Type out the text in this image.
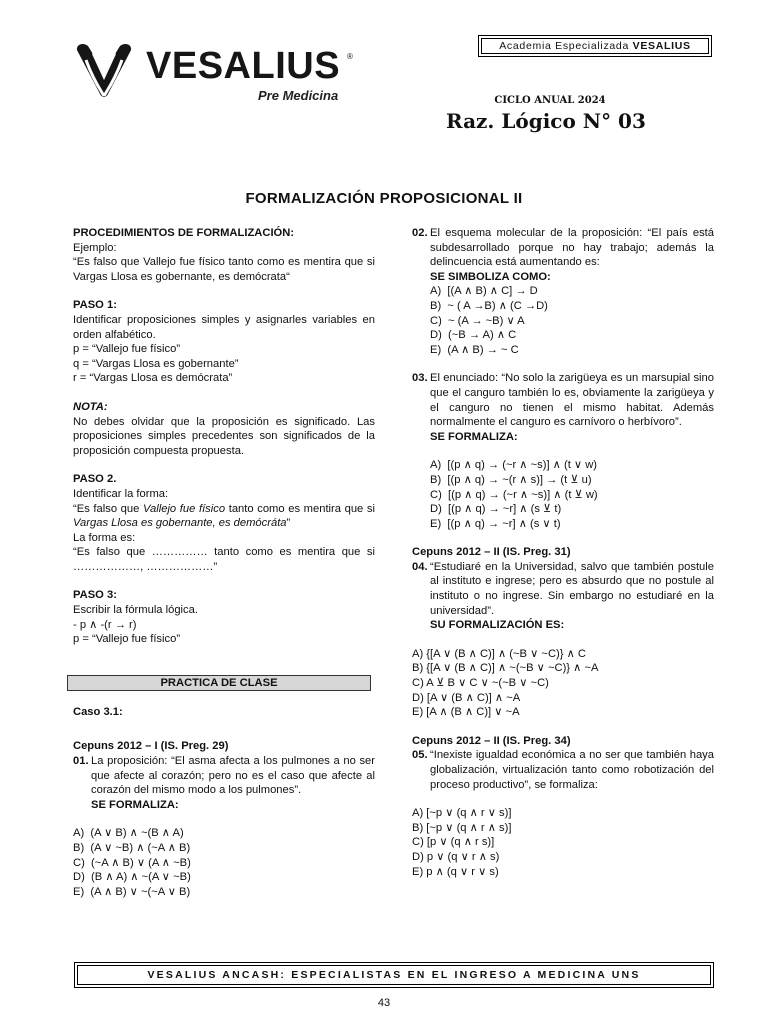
VESALIUS ®
Pre Medicina
Academia Especializada VESALIUS
CICLO ANUAL 2024
Raz. Lógico N° 03
FORMALIZACIÓN PROPOSICIONAL II
PROCEDIMIENTOS DE FORMALIZACIÓN:
Ejemplo:
“Es falso que Vallejo fue físico tanto como es mentira que si Vargas Llosa es gobernante, es demócrata“
PASO 1:
Identificar proposiciones simples y asignarles variables en orden alfabético.
p = “Vallejo fue físico”
q = “Vargas Llosa es gobernante”
r = “Vargas Llosa es demócrata”
NOTA:
No debes olvidar que la proposición es significado. Las proposiciones simples precedentes son significados de la proposición compuesta propuesta.
PASO 2.
Identificar la forma:
“Es falso que Vallejo fue físico tanto como es mentira que si Vargas Llosa es gobernante, es demócráta”
La forma es:
“Es falso que …………… tanto como es mentira que si ………………, ………………”
PASO 3:
Escribir la fórmula lógica.
- p ∧ -(r → r)
p = “Vallejo fue físico”
PRACTICA DE CLASE
Caso 3.1:
Cepuns 2012 – I (IS. Preg. 29)
01. La proposición: “El asma afecta a los pulmones a no ser que afecte al corazón; pero no es el caso que afecte al corazón del mismo modo a los pulmones”.
SE FORMALIZA:
A)  (A ∨ B) ∧ ~(B ∧ A)
B)  (A ∨ ~B) ∧ (~A ∧ B)
C)  (~A ∧ B) ∨ (A ∧ ~B)
D)  (B ∧ A) ∧ ~(A ∨ ~B)
E)  (A ∧ B) ∨ ~(~A ∨ B)
02. El esquema molecular de la proposición: “El país está subdesarrollado porque no hay trabajo; además la delincuencia está aumentando es:
SE SIMBOLIZA COMO:
A)  [(A ∧ B) ∧ C] → D
B)  ~ ( A →B) ∧ (C →D)
C)  ~ (A → ~B) ∨ A
D)  (~B → A) ∧ C
E)  (A ∧ B) → ~ C
03. El enunciado: “No solo la zarigüeya es un marsupial sino que el canguro también lo es, obviamente la zarigüeya y el canguro no tienen el mismo habitat. Además normalmente el canguro es carnívoro o herbívoro”.
SE FORMALIZA:
A)  [(p ∧ q) → (~r ∧ ~s)] ∧ (t ∨ w)
B)  [(p ∧ q) → ~(r ∧ s)] → (t ⊻ u)
C)  [(p ∧ q) → (~r ∧ ~s)] ∧ (t ⊻ w)
D)  [(p ∧ q) → ~r] ∧ (s ⊻ t)
E)  [(p ∧ q) → ~r] ∧ (s ∨ t)
Cepuns 2012 – II (IS. Preg. 31)
04. “Estudiaré en la Universidad, salvo que también postule al instituto e ingrese; pero es absurdo que no postule al instituto o no ingrese. Sin embargo no estudiaré en la universidad”.
SU FORMALIZACIÓN ES:
A) {[A ∨ (B ∧ C)] ∧ (~B ∨ ~C)} ∧ C
B) {[A ∨ (B ∧ C)] ∧ ~(~B ∨ ~C)} ∧ ~A
C) A ⊻ B ∨ C ∨ ~(~B ∨ ~C)
D) [A ∨ (B ∧ C)] ∧ ~A
E) [A ∧ (B ∧ C)] ∨ ~A
Cepuns 2012 – II (IS. Preg. 34)
05. “Inexiste igualdad económica a no ser que también haya globalización, virtualización tanto como robotización del proceso productivo”, se formaliza:
A) [~p ∨ (q ∧ r ∨ s)]
B) [~p ∨ (q ∧ r ∧ s)]
C) [p ∨ (q ∧ r s)]
D) p ∨ (q ∨ r ∧ s)
E) p ∧ (q ∨ r ∨ s)
VESALIUS ANCASH: ESPECIALISTAS EN EL INGRESO A MEDICINA UNS
43
